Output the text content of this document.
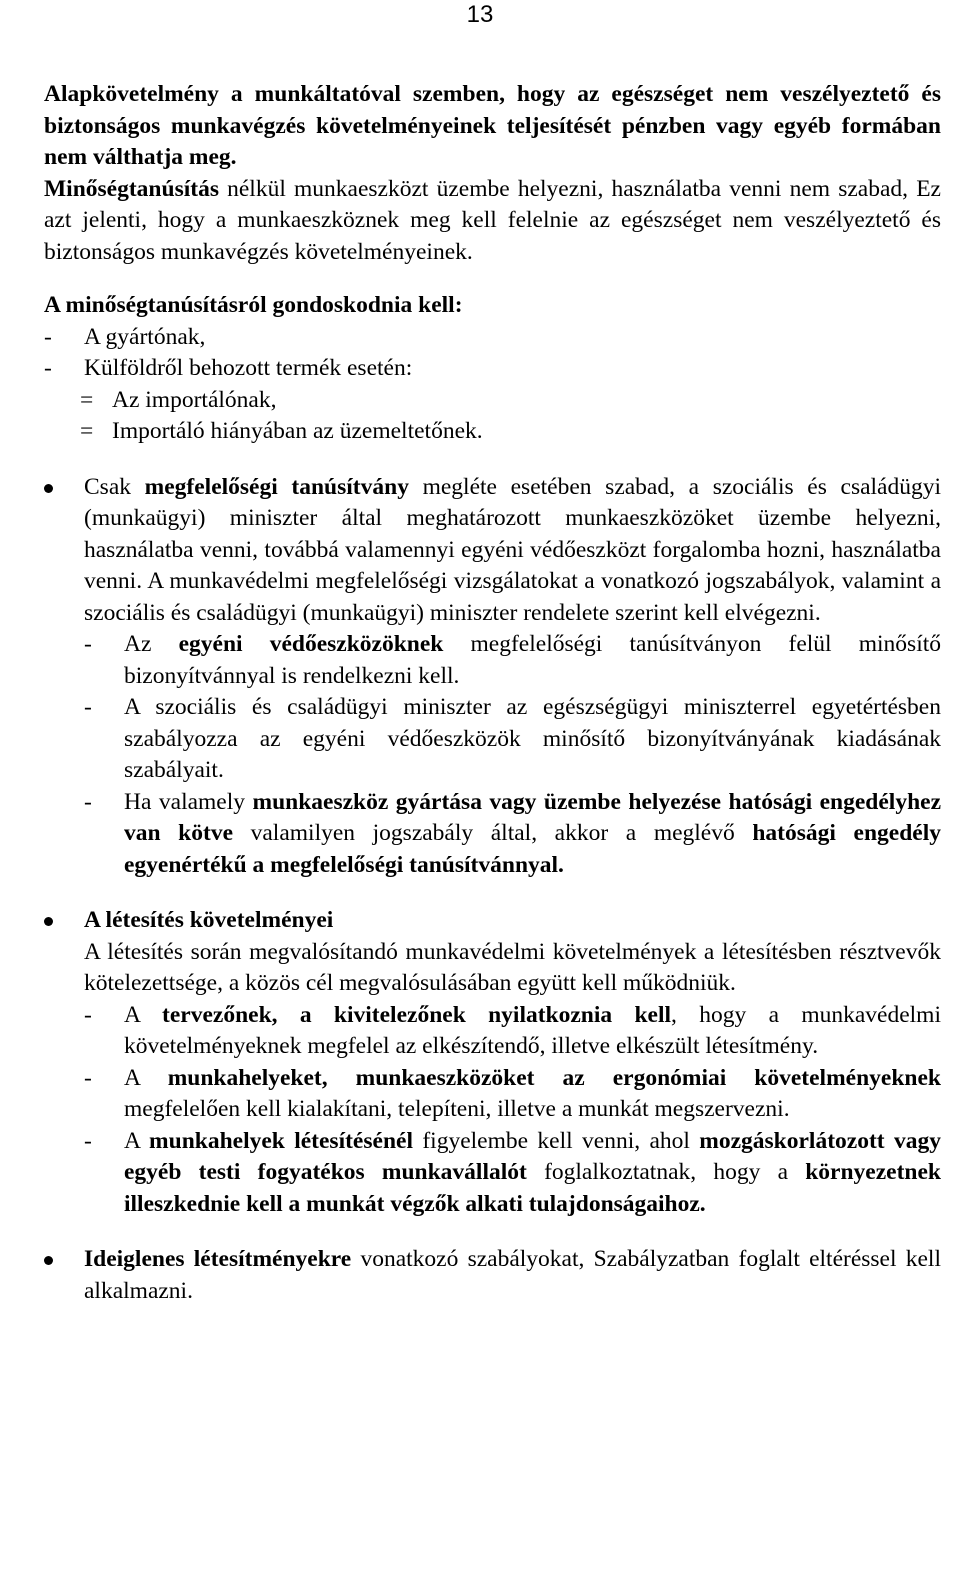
13

Alapkövetelmény a munkáltatóval szemben, hogy az egészséget nem veszélyeztető és biztonságos munkavégzés követelményeinek teljesítését pénzben vagy egyéb formában nem válthatja meg.

Minőségtanúsítás nélkül munkaeszközt üzembe helyezni, használatba venni nem szabad, Ez azt jelenti, hogy a munkaeszköznek meg kell felelnie az egészséget nem veszélyeztető és biztonságos munkavégzés követelményeinek.

A minőségtanúsításról gondoskodnia kell:

-	A gyártónak,
-	Külföldről behozott termék esetén:
= Az importálónak,
= Importáló hiányában az üzemeltetőnek.

Csak megfelelőségi tanúsítvány megléte esetében szabad, a szociális és családügyi (munkaügyi) miniszter által meghatározott munkaeszközöket üzembe helyezni, használatba venni, továbbá valamennyi egyéni védőeszközt forgalomba hozni, használatba venni. A munkavédelmi megfelelőségi vizsgálatokat a vonatkozó jogszabályok, valamint a szociális és családügyi (munkaügyi) miniszter rendelete szerint kell elvégezni.

-	Az egyéni védőeszközöknek megfelelőségi tanúsítványon felül minősítő bizonyítvánnyal is rendelkezni kell.

-	A szociális és családügyi miniszter az egészségügyi miniszterrel egyetértésben szabályozza az egyéni védőeszközök minősítő bizonyítványának kiadásának szabályait.

-	Ha valamely munkaeszköz gyártása vagy üzembe helyezése hatósági engedélyhez van kötve valamilyen jogszabály által, akkor a meglévő hatósági engedély egyenértékű a megfelelőségi tanúsítvánnyal.

A létesítés követelményei

A létesítés során megvalósítandó munkavédelmi követelmények a létesítésben résztvevők kötelezettsége, a közös cél megvalósulásában együtt kell működniük.

-	A tervezőnek, a kivitelezőnek nyilatkoznia kell, hogy a munkavédelmi követelményeknek megfelel az elkészítendő, illetve elkészült létesítmény.

-	A munkahelyeket, munkaeszközöket az ergonómiai követelményeknek megfelelően kell kialakítani, telepíteni, illetve a munkát megszervezni.

-	A munkahelyek létesítésénél figyelembe kell venni, ahol mozgáskorlátozott vagy egyéb testi fogyatékos munkavállalót foglalkoztatnak, hogy a környezetnek illeszkednie kell a munkát végzők alkati tulajdonságaihoz.

Ideiglenes létesítményekre vonatkozó szabályokat, Szabályzatban foglalt eltéréssel kell alkalmazni.
